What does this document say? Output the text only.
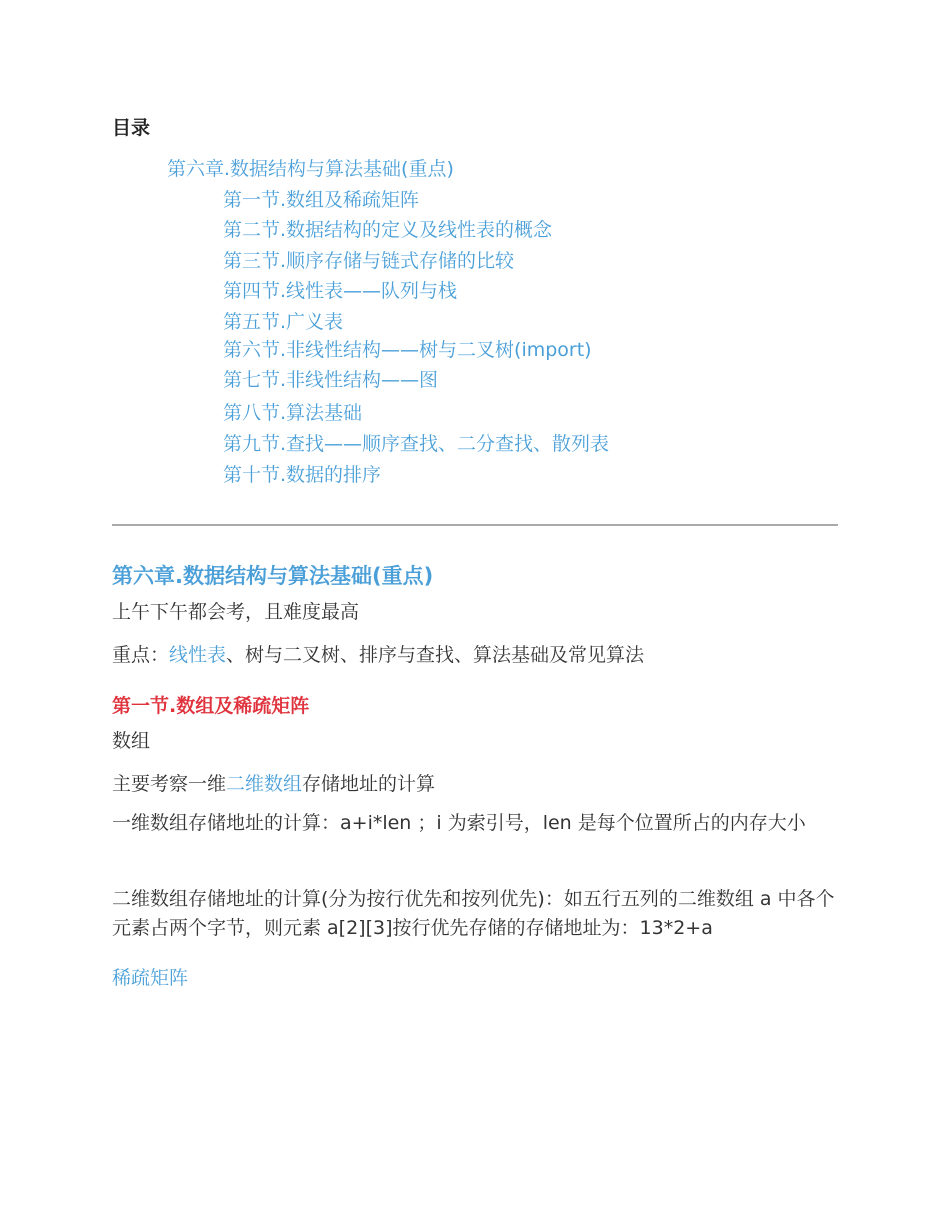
目录
第六章.数据结构与算法基础(重点)
第一节.数组及稀疏矩阵
第二节.数据结构的定义及线性表的概念
第三节.顺序存储与链式存储的比较
第四节.线性表——队列与栈
第五节.广义表
第六节.非线性结构——树与二叉树(import)
第七节.非线性结构——图
第八节.算法基础
第九节.查找——顺序查找、二分查找、散列表
第十节.数据的排序
第六章.数据结构与算法基础(重点)
上午下午都会考，且难度最高
重点：线性表、树与二叉树、排序与查找、算法基础及常见算法
第一节.数组及稀疏矩阵
数组
主要考察一维二维数组存储地址的计算
一维数组存储地址的计算：a+i*len ；i 为索引号，len 是每个位置所占的内存大小
二维数组存储地址的计算(分为按行优先和按列优先)：如五行五列的二维数组 a 中各个元素占两个字节，则元素 a[2][3]按行优先存储的存储地址为：13*2+a
稀疏矩阵
